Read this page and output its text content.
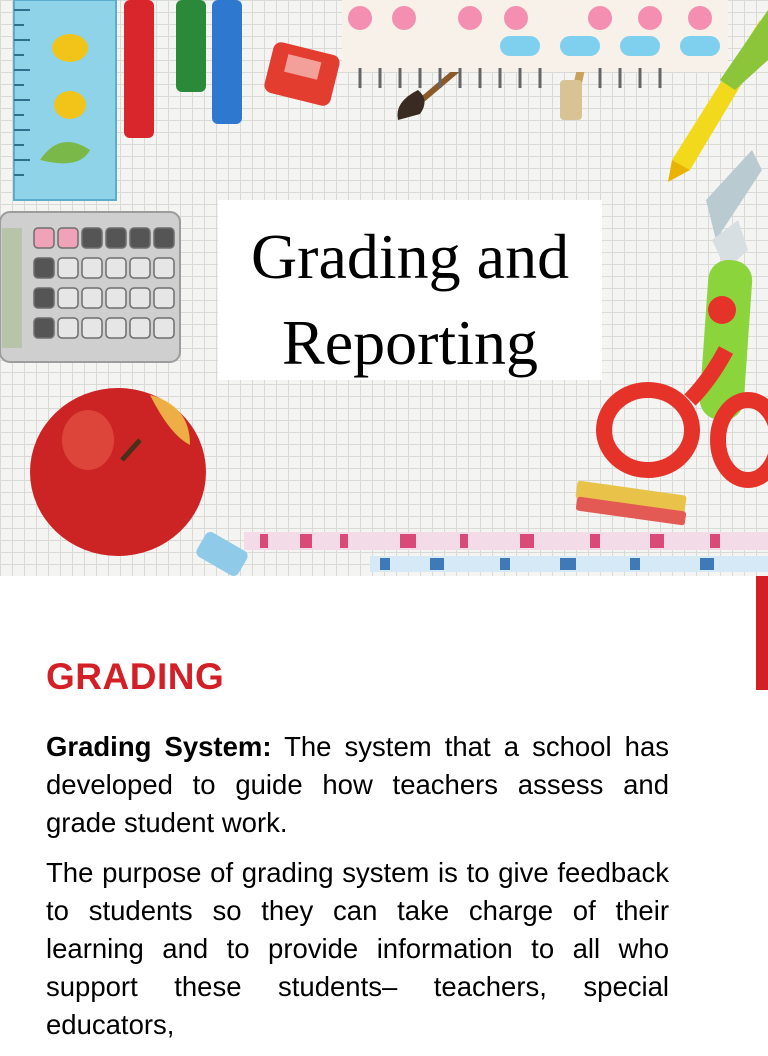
Grading and
Reporting
GRADING

Grading System: The system that a school has developed to guide how teachers assess and grade student work.

The purpose of grading system is to give feedback to students so they can take charge of their learning and to provide information to all who support these students– teachers, special educators,
